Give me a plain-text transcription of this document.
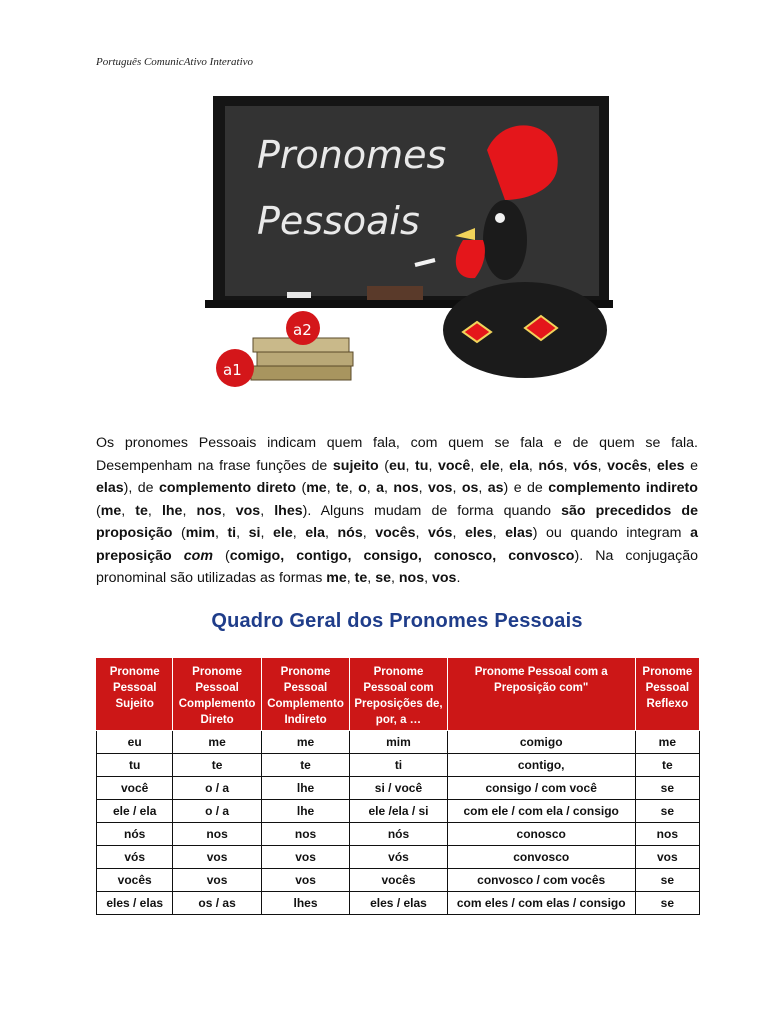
Português ComunicAtivo Interativo
Pronomes
Pessoais
a2
a1
Os pronomes Pessoais indicam quem fala, com quem se fala e de quem se fala. Desempenham na frase funções de sujeito (eu, tu, você, ele, ela, nós, vós, vocês, eles e elas), de complemento direto (me, te, o, a, nos, vos, os, as) e de complemento indireto (me, te, lhe, nos, vos, lhes). Alguns mudam de forma quando são precedidos de proposição (mim, ti, si, ele, ela, nós, vocês, vós, eles, elas) ou quando integram a preposição com (comigo, contigo, consigo, conosco, convosco). Na conjugação pronominal são utilizadas as formas me, te, se, nos, vos.
Quadro Geral dos Pronomes Pessoais
Pronome Pessoal Sujeito	Pronome Pessoal Complemento Direto	Pronome Pessoal Complemento Indireto	Pronome Pessoal com Preposições de, por, a …	Pronome Pessoal com a Preposição com"	Pronome Pessoal Reflexo
eu	me	me	mim	comigo	me
tu	te	te	ti	contigo,	te
você	o / a	lhe	si / você	consigo / com você	se
ele / ela	o / a	lhe	ele /ela / si	com ele / com ela / consigo	se
nós	nos	nos	nós	conosco	nos
vós	vos	vos	vós	convosco	vos
vocês	vos	vos	vocês	convosco / com vocês	se
eles / elas	os / as	lhes	eles / elas	com eles / com elas / consigo	se
